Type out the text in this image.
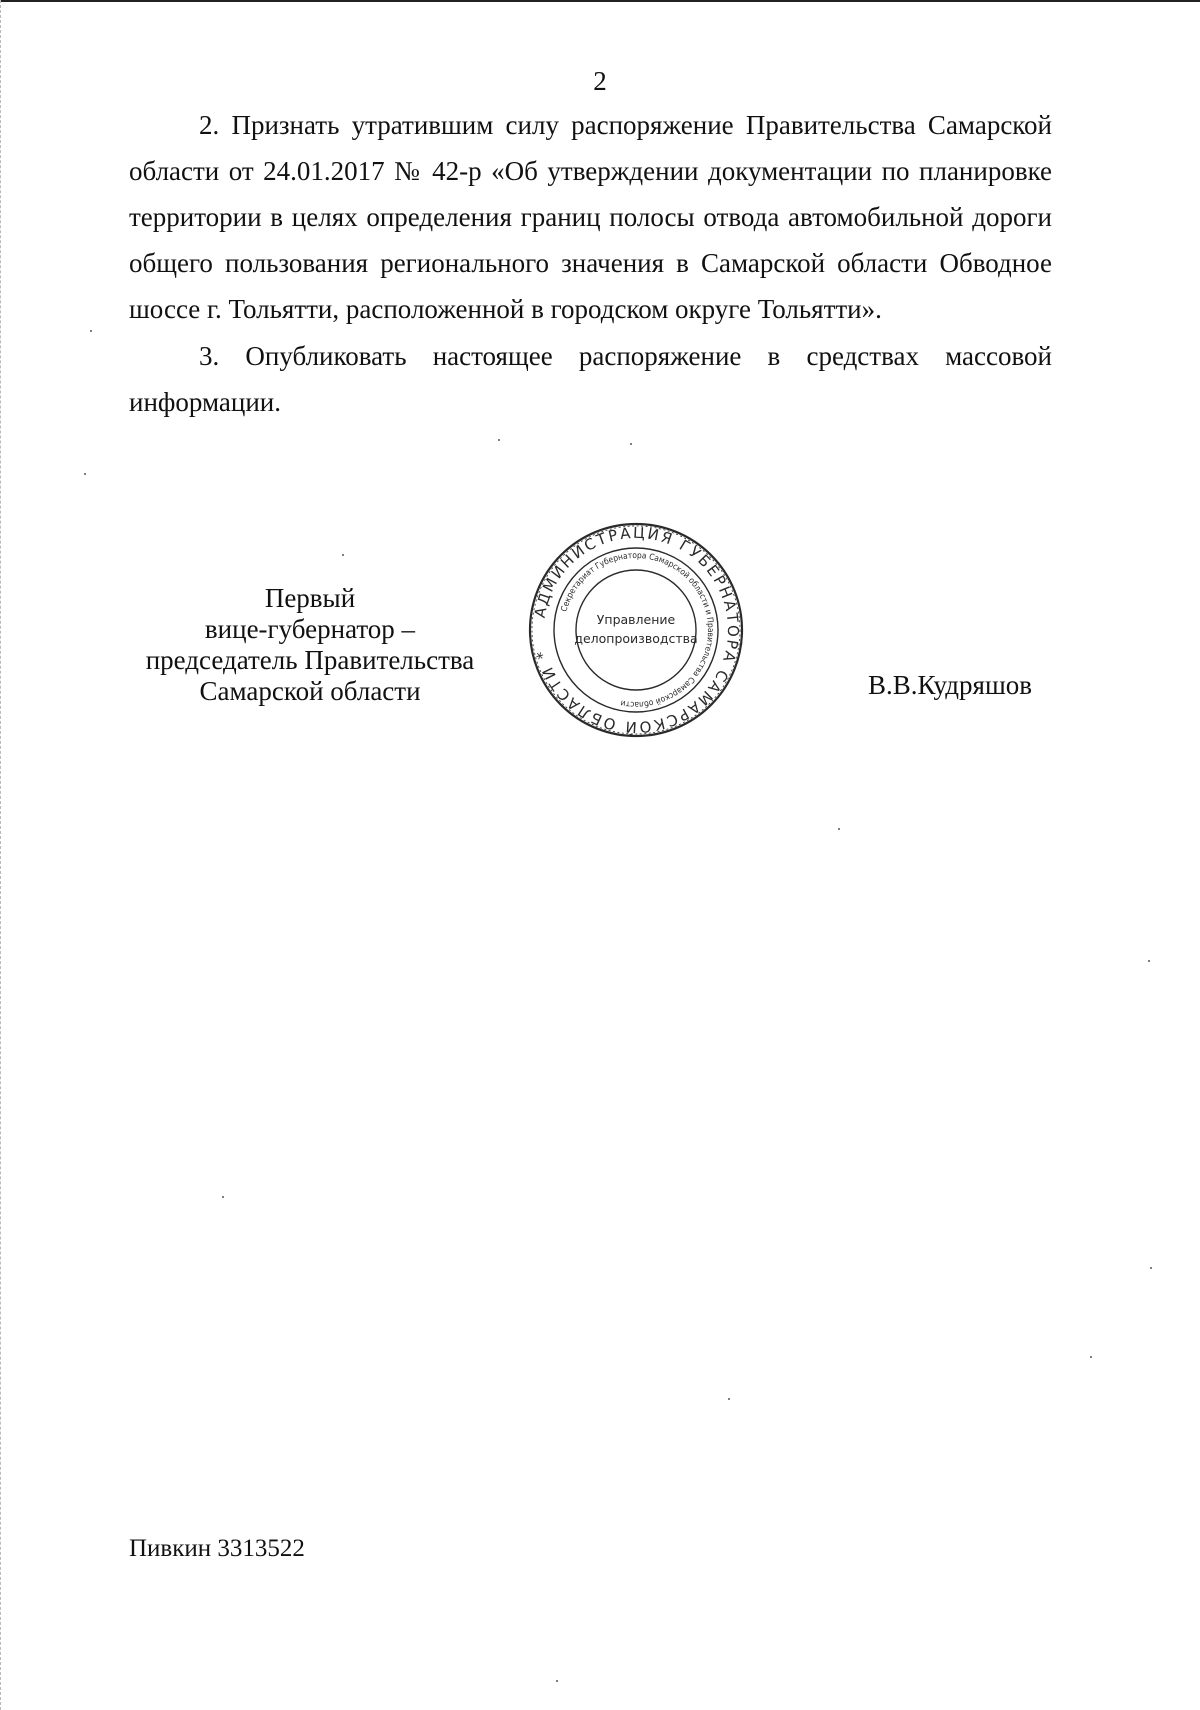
2

2. Признать утратившим силу распоряжение Правительства Самарской области от 24.01.2017 № 42-р «Об утверждении документации по планировке территории в целях определения границ полосы отвода автомобильной дороги общего пользования регионального значения в Самарской области Обводное шоссе г. Тольятти, расположенной в городском округе Тольятти».

3. Опубликовать настоящее распоряжение в средствах массовой информации.

Первый
вице-губернатор –
председатель Правительства
Самарской области
АДМИНИСТРАЦИЯ ГУБЕРНАТОРА САМАРСКОЙ ОБЛАСТИ *
Секретариат Губернатора Самарской области и Правительства Самарской области
Управление
делопроизводства
В.В.Кудряшов
Пивкин 3313522
